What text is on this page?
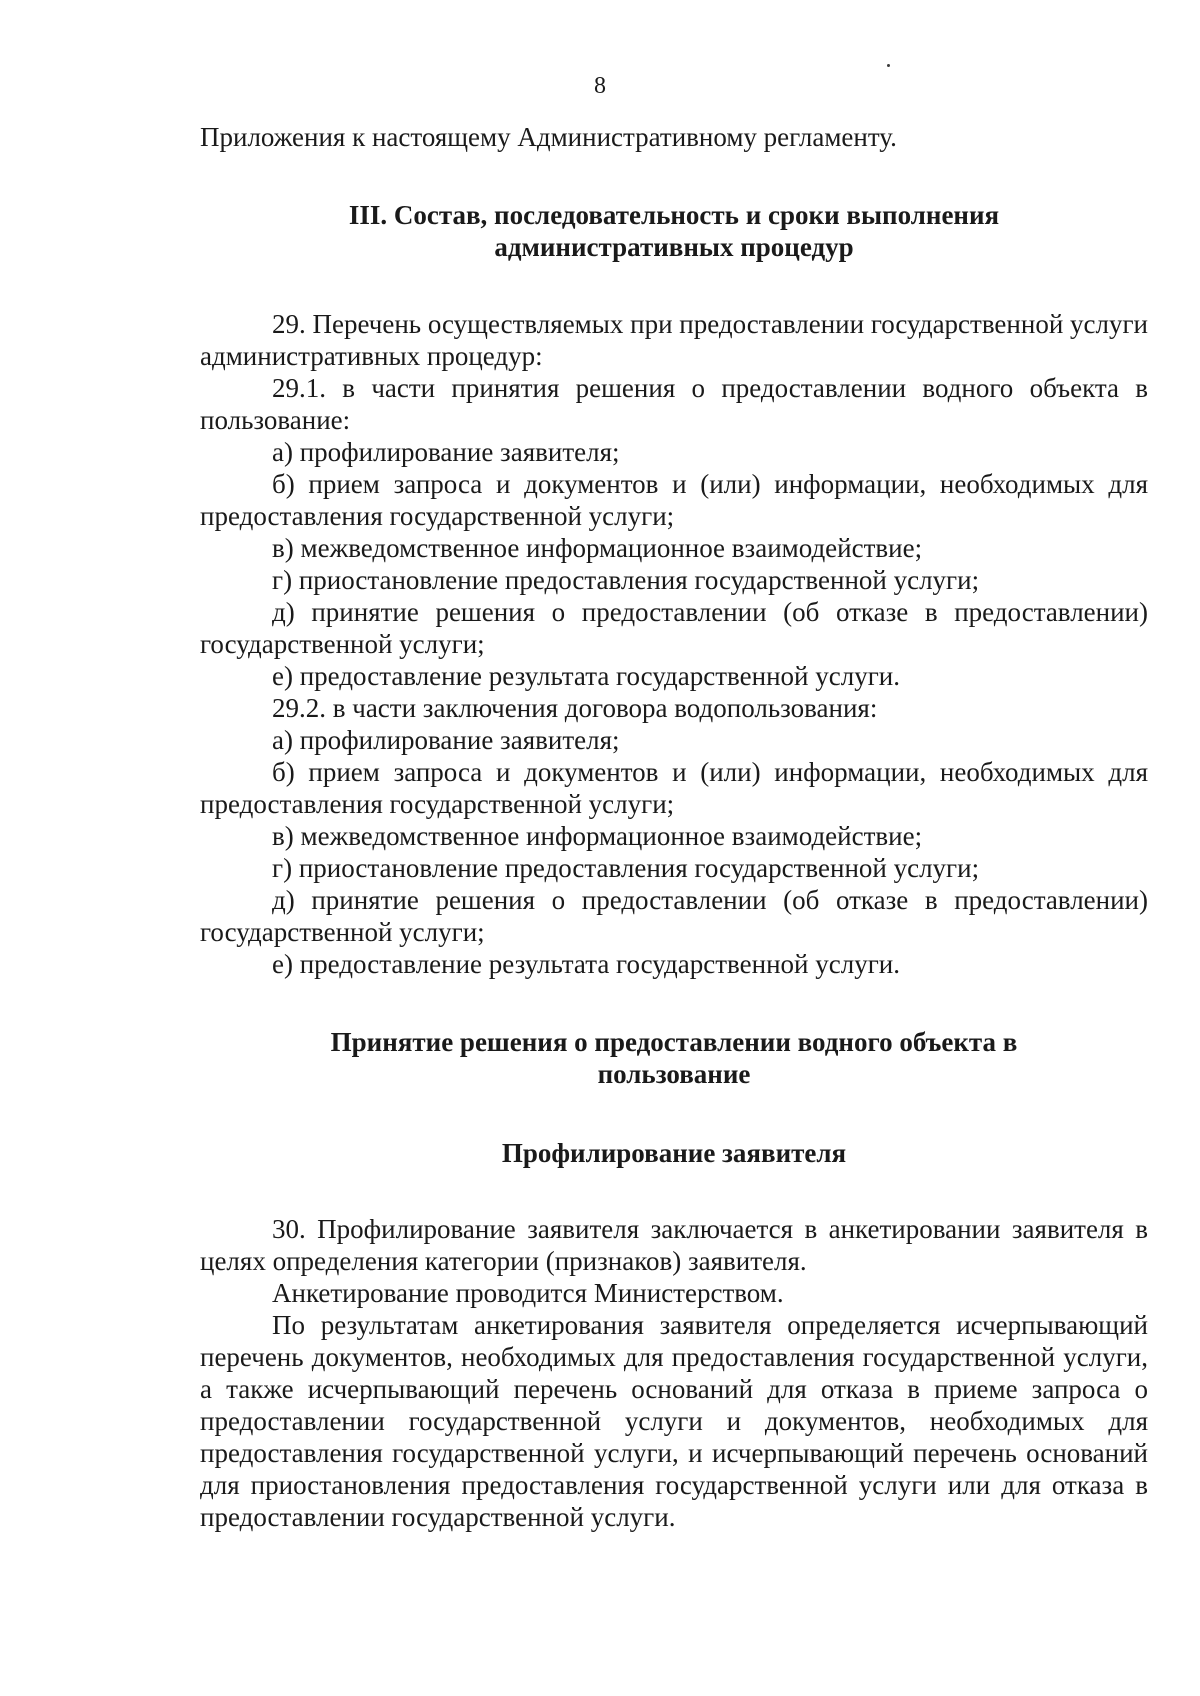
8

Приложения к настоящему Административному регламенту.

III. Состав, последовательность и сроки выполнения
административных процедур

29. Перечень осуществляемых при предоставлении государственной услуги административных процедур:

29.1. в части принятия решения о предоставлении водного объекта в пользование:

а) профилирование заявителя;

б) прием запроса и документов и (или) информации, необходимых для предоставления государственной услуги;

в) межведомственное информационное взаимодействие;

г) приостановление предоставления государственной услуги;

д) принятие решения о предоставлении (об отказе в предоставлении) государственной услуги;

е) предоставление результата государственной услуги.

29.2. в части заключения договора водопользования:

а) профилирование заявителя;

б) прием запроса и документов и (или) информации, необходимых для предоставления государственной услуги;

в) межведомственное информационное взаимодействие;

г) приостановление предоставления государственной услуги;

д) принятие решения о предоставлении (об отказе в предоставлении) государственной услуги;

е) предоставление результата государственной услуги.

Принятие решения о предоставлении водного объекта в
пользование
Профилирование заявителя

30. Профилирование заявителя заключается в анкетировании заявителя в целях определения категории (признаков) заявителя.

Анкетирование проводится Министерством.

По результатам анкетирования заявителя определяется исчерпывающий перечень документов, необходимых для предоставления государственной услуги, а также исчерпывающий перечень оснований для отказа в приеме запроса о предоставлении государственной услуги и документов, необходимых для предоставления государственной услуги, и исчерпывающий перечень оснований для приостановления предоставления государственной услуги или для отказа в предоставлении государственной услуги.
